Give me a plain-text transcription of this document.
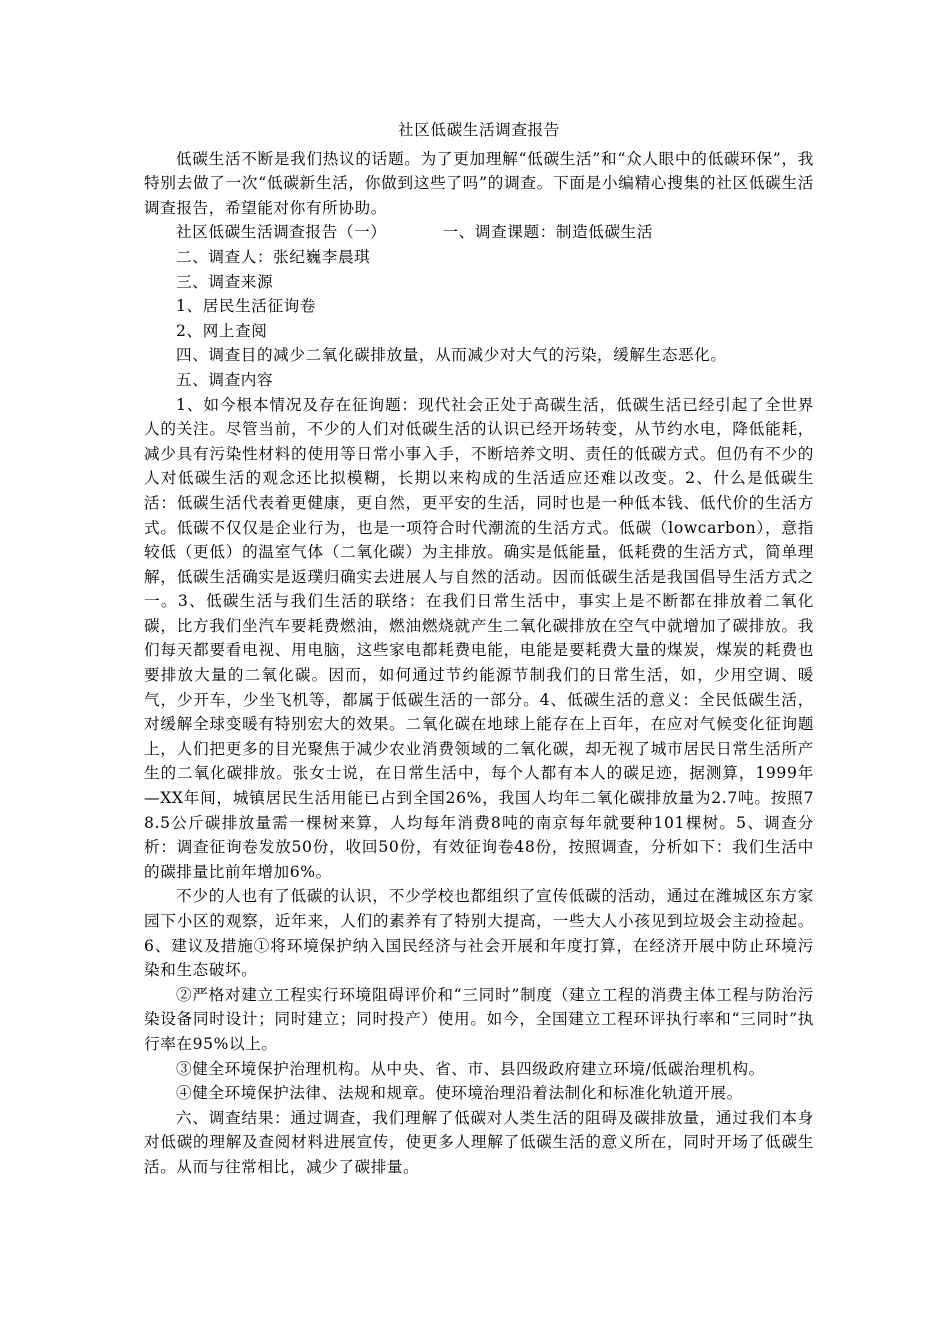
社区低碳生活调查报告

低碳生活不断是我们热议的话题。为了更加理解“低碳生活”和“众人眼中的低碳环保”，我特别去做了一次“低碳新生活，你做到这些了吗”的调查。下面是小编精心搜集的社区低碳生活调查报告，希望能对你有所协助。

社区低碳生活调查报告（一）	一、调查课题：制造低碳生活

二、调查人：张纪巍李晨琪

三、调查来源

1、居民生活征询卷

2、网上查阅

四、调查目的减少二氧化碳排放量，从而减少对大气的污染，缓解生态恶化。

五、调查内容

1、如今根本情况及存在征询题：现代社会正处于高碳生活，低碳生活已经引起了全世界人的关注。尽管当前，不少的人们对低碳生活的认识已经开场转变，从节约水电，降低能耗，减少具有污染性材料的使用等日常小事入手，不断培养文明、责任的低碳方式。但仍有不少的人对低碳生活的观念还比拟模糊，长期以来构成的生活适应还难以改变。2、什么是低碳生活：低碳生活代表着更健康，更自然，更平安的生活，同时也是一种低本钱、低代价的生活方式。低碳不仅仅是企业行为，也是一项符合时代潮流的生活方式。低碳（lowcarbon），意指较低（更低）的温室气体（二氧化碳）为主排放。确实是低能量，低耗费的生活方式，简单理解，低碳生活确实是返璞归确实去进展人与自然的活动。因而低碳生活是我国倡导生活方式之一。3、低碳生活与我们生活的联络：在我们日常生活中，事实上是不断都在排放着二氧化碳，比方我们坐汽车要耗费燃油，燃油燃烧就产生二氧化碳排放在空气中就增加了碳排放。我们每天都要看电视、用电脑，这些家电都耗费电能，电能是要耗费大量的煤炭，煤炭的耗费也要排放大量的二氧化碳。因而，如何通过节约能源节制我们的日常生活，如，少用空调、暖气，少开车，少坐飞机等，都属于低碳生活的一部分。4、低碳生活的意义：全民低碳生活，对缓解全球变暖有特别宏大的效果。二氧化碳在地球上能存在上百年，在应对气候变化征询题上，人们把更多的目光聚焦于减少农业消费领域的二氧化碳，却无视了城市居民日常生活所产生的二氧化碳排放。张女士说，在日常生活中，每个人都有本人的碳足迹，据测算，1999年—XX年间，城镇居民生活用能已占到全国26%，我国人均年二氧化碳排放量为2.7吨。按照78.5公斤碳排放量需一棵树来算，人均每年消费8吨的南京每年就要种101棵树。5、调查分析：调查征询卷发放50份，收回50份，有效征询卷48份，按照调查，分析如下：我们生活中的碳排量比前年增加6%。

不少的人也有了低碳的认识，不少学校也都组织了宣传低碳的活动，通过在潍城区东方家园下小区的观察，近年来，人们的素养有了特别大提高，一些大人小孩见到垃圾会主动捡起。6、建议及措施①将环境保护纳入国民经济与社会开展和年度打算，在经济开展中防止环境污染和生态破坏。

②严格对建立工程实行环境阻碍评价和“三同时”制度（建立工程的消费主体工程与防治污染设备同时设计；同时建立；同时投产）使用。如今，全国建立工程环评执行率和“三同时”执行率在95%以上。

③健全环境保护治理机构。从中央、省、市、县四级政府建立环境/低碳治理机构。

④健全环境保护法律、法规和规章。使环境治理沿着法制化和标准化轨道开展。

六、调查结果：通过调查，我们理解了低碳对人类生活的阻碍及碳排放量，通过我们本身对低碳的理解及查阅材料进展宣传，使更多人理解了低碳生活的意义所在，同时开场了低碳生活。从而与往常相比，减少了碳排量。
